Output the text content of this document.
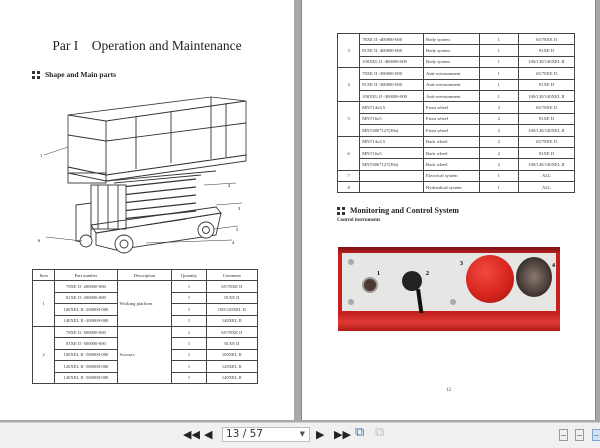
Par I    Operation and Maintenance
Shape and Main parts
1
2
3
4
5
6
Item	Part number	Description	Quantity	Comment
1	78XE II -200000-000	Working platform	1	65/78XE II
	81XE II -200000-000		1	81XE II
	100XEL II -200000-000		1	100/120XEL II
	140XEL II -200000-000		1	140XEL II
2	78XE II -500000-000	Scissors	1	65/78XE II
	81XE II -500000-000		1	81XE II
	100XEL II -500000-000		1	100XEL II
	120XEL II -500000-000		1	120XEL II
	140XEL II -500000-000		1	140XEL II
3	78XE II -400000-000	Body system	1	65/78XE II
	81XE II -400000-000	Body system	1	81XE II
	100XEL II -400000-000	Body system	1	100/120/140XEL II
4	78XE II -300000-000	Anti-overturnment	1	65/78XE II
	81XE II -300000-000	Anti-overturnment	1	81XE II
	100XEL II -300000-000	Anti-overturnment	1	100/120/140XEL II
5	MNT14x4.5	Front wheel	2	65/78XE II
	MNT16x5	Front wheel	2	81XE II
	MNT406*127(38a)	Front wheel	2	100/120/140XEL II
6	MNT14x4.5	Back wheel	2	65/78XE II
	MNT16x5	Back wheel	2	81XE II
	MNT406*127(38a)	Back wheel	2	100/120/140XEL II
7		Electrical system	1	ALL
8		Hydraulical system	1	ALL
Monitoring and Control System
Control instruments
1	2
3	4
12
◀◀ ◀	13 / 57	▼ ▶ ▶▶ ⧉ ⧉
